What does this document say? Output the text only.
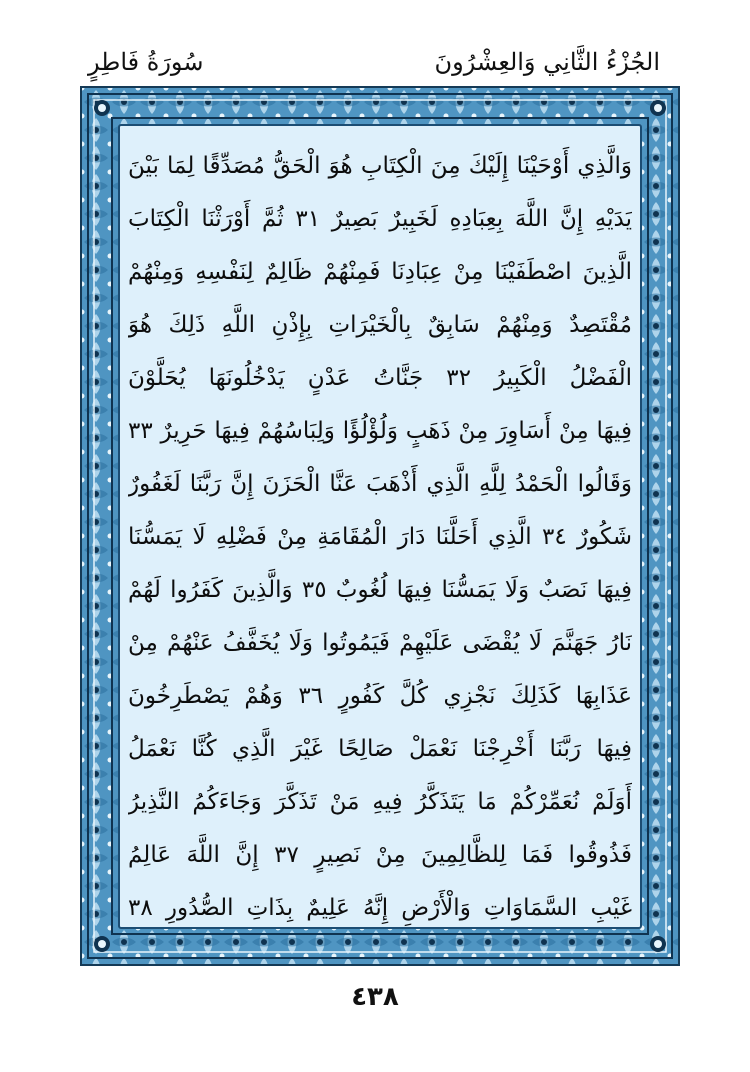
الجُزْءُ الثَّانِي وَالعِشْرُونَ
سُورَةُ فَاطِرٍ
وَالَّذِي أَوْحَيْنَا إِلَيْكَ مِنَ الْكِتَابِ هُوَ الْحَقُّ مُصَدِّقًا لِمَا بَيْنَ
يَدَيْهِ إِنَّ اللَّهَ بِعِبَادِهِ لَخَبِيرٌ بَصِيرٌ ٣١ ثُمَّ أَوْرَثْنَا الْكِتَابَ
الَّذِينَ اصْطَفَيْنَا مِنْ عِبَادِنَا فَمِنْهُمْ ظَالِمٌ لِنَفْسِهِ وَمِنْهُمْ
مُقْتَصِدٌ وَمِنْهُمْ سَابِقٌ بِالْخَيْرَاتِ بِإِذْنِ اللَّهِ ذَلِكَ هُوَ
الْفَضْلُ الْكَبِيرُ ٣٢ جَنَّاتُ عَدْنٍ يَدْخُلُونَهَا يُحَلَّوْنَ
فِيهَا مِنْ أَسَاوِرَ مِنْ ذَهَبٍ وَلُؤْلُؤًا وَلِبَاسُهُمْ فِيهَا حَرِيرٌ ٣٣
وَقَالُوا الْحَمْدُ لِلَّهِ الَّذِي أَذْهَبَ عَنَّا الْحَزَنَ إِنَّ رَبَّنَا لَغَفُورٌ
شَكُورٌ ٣٤ الَّذِي أَحَلَّنَا دَارَ الْمُقَامَةِ مِنْ فَضْلِهِ لَا يَمَسُّنَا
فِيهَا نَصَبٌ وَلَا يَمَسُّنَا فِيهَا لُغُوبٌ ٣٥ وَالَّذِينَ كَفَرُوا لَهُمْ
نَارُ جَهَنَّمَ لَا يُقْضَى عَلَيْهِمْ فَيَمُوتُوا وَلَا يُخَفَّفُ عَنْهُمْ مِنْ
عَذَابِهَا كَذَلِكَ نَجْزِي كُلَّ كَفُورٍ ٣٦ وَهُمْ يَصْطَرِخُونَ
فِيهَا رَبَّنَا أَخْرِجْنَا نَعْمَلْ صَالِحًا غَيْرَ الَّذِي كُنَّا نَعْمَلُ
أَوَلَمْ نُعَمِّرْكُمْ مَا يَتَذَكَّرُ فِيهِ مَنْ تَذَكَّرَ وَجَاءَكُمُ النَّذِيرُ
فَذُوقُوا فَمَا لِلظَّالِمِينَ مِنْ نَصِيرٍ ٣٧ إِنَّ اللَّهَ عَالِمُ
غَيْبِ السَّمَاوَاتِ وَالْأَرْضِ إِنَّهُ عَلِيمٌ بِذَاتِ الصُّدُورِ ٣٨
٤٣٨
